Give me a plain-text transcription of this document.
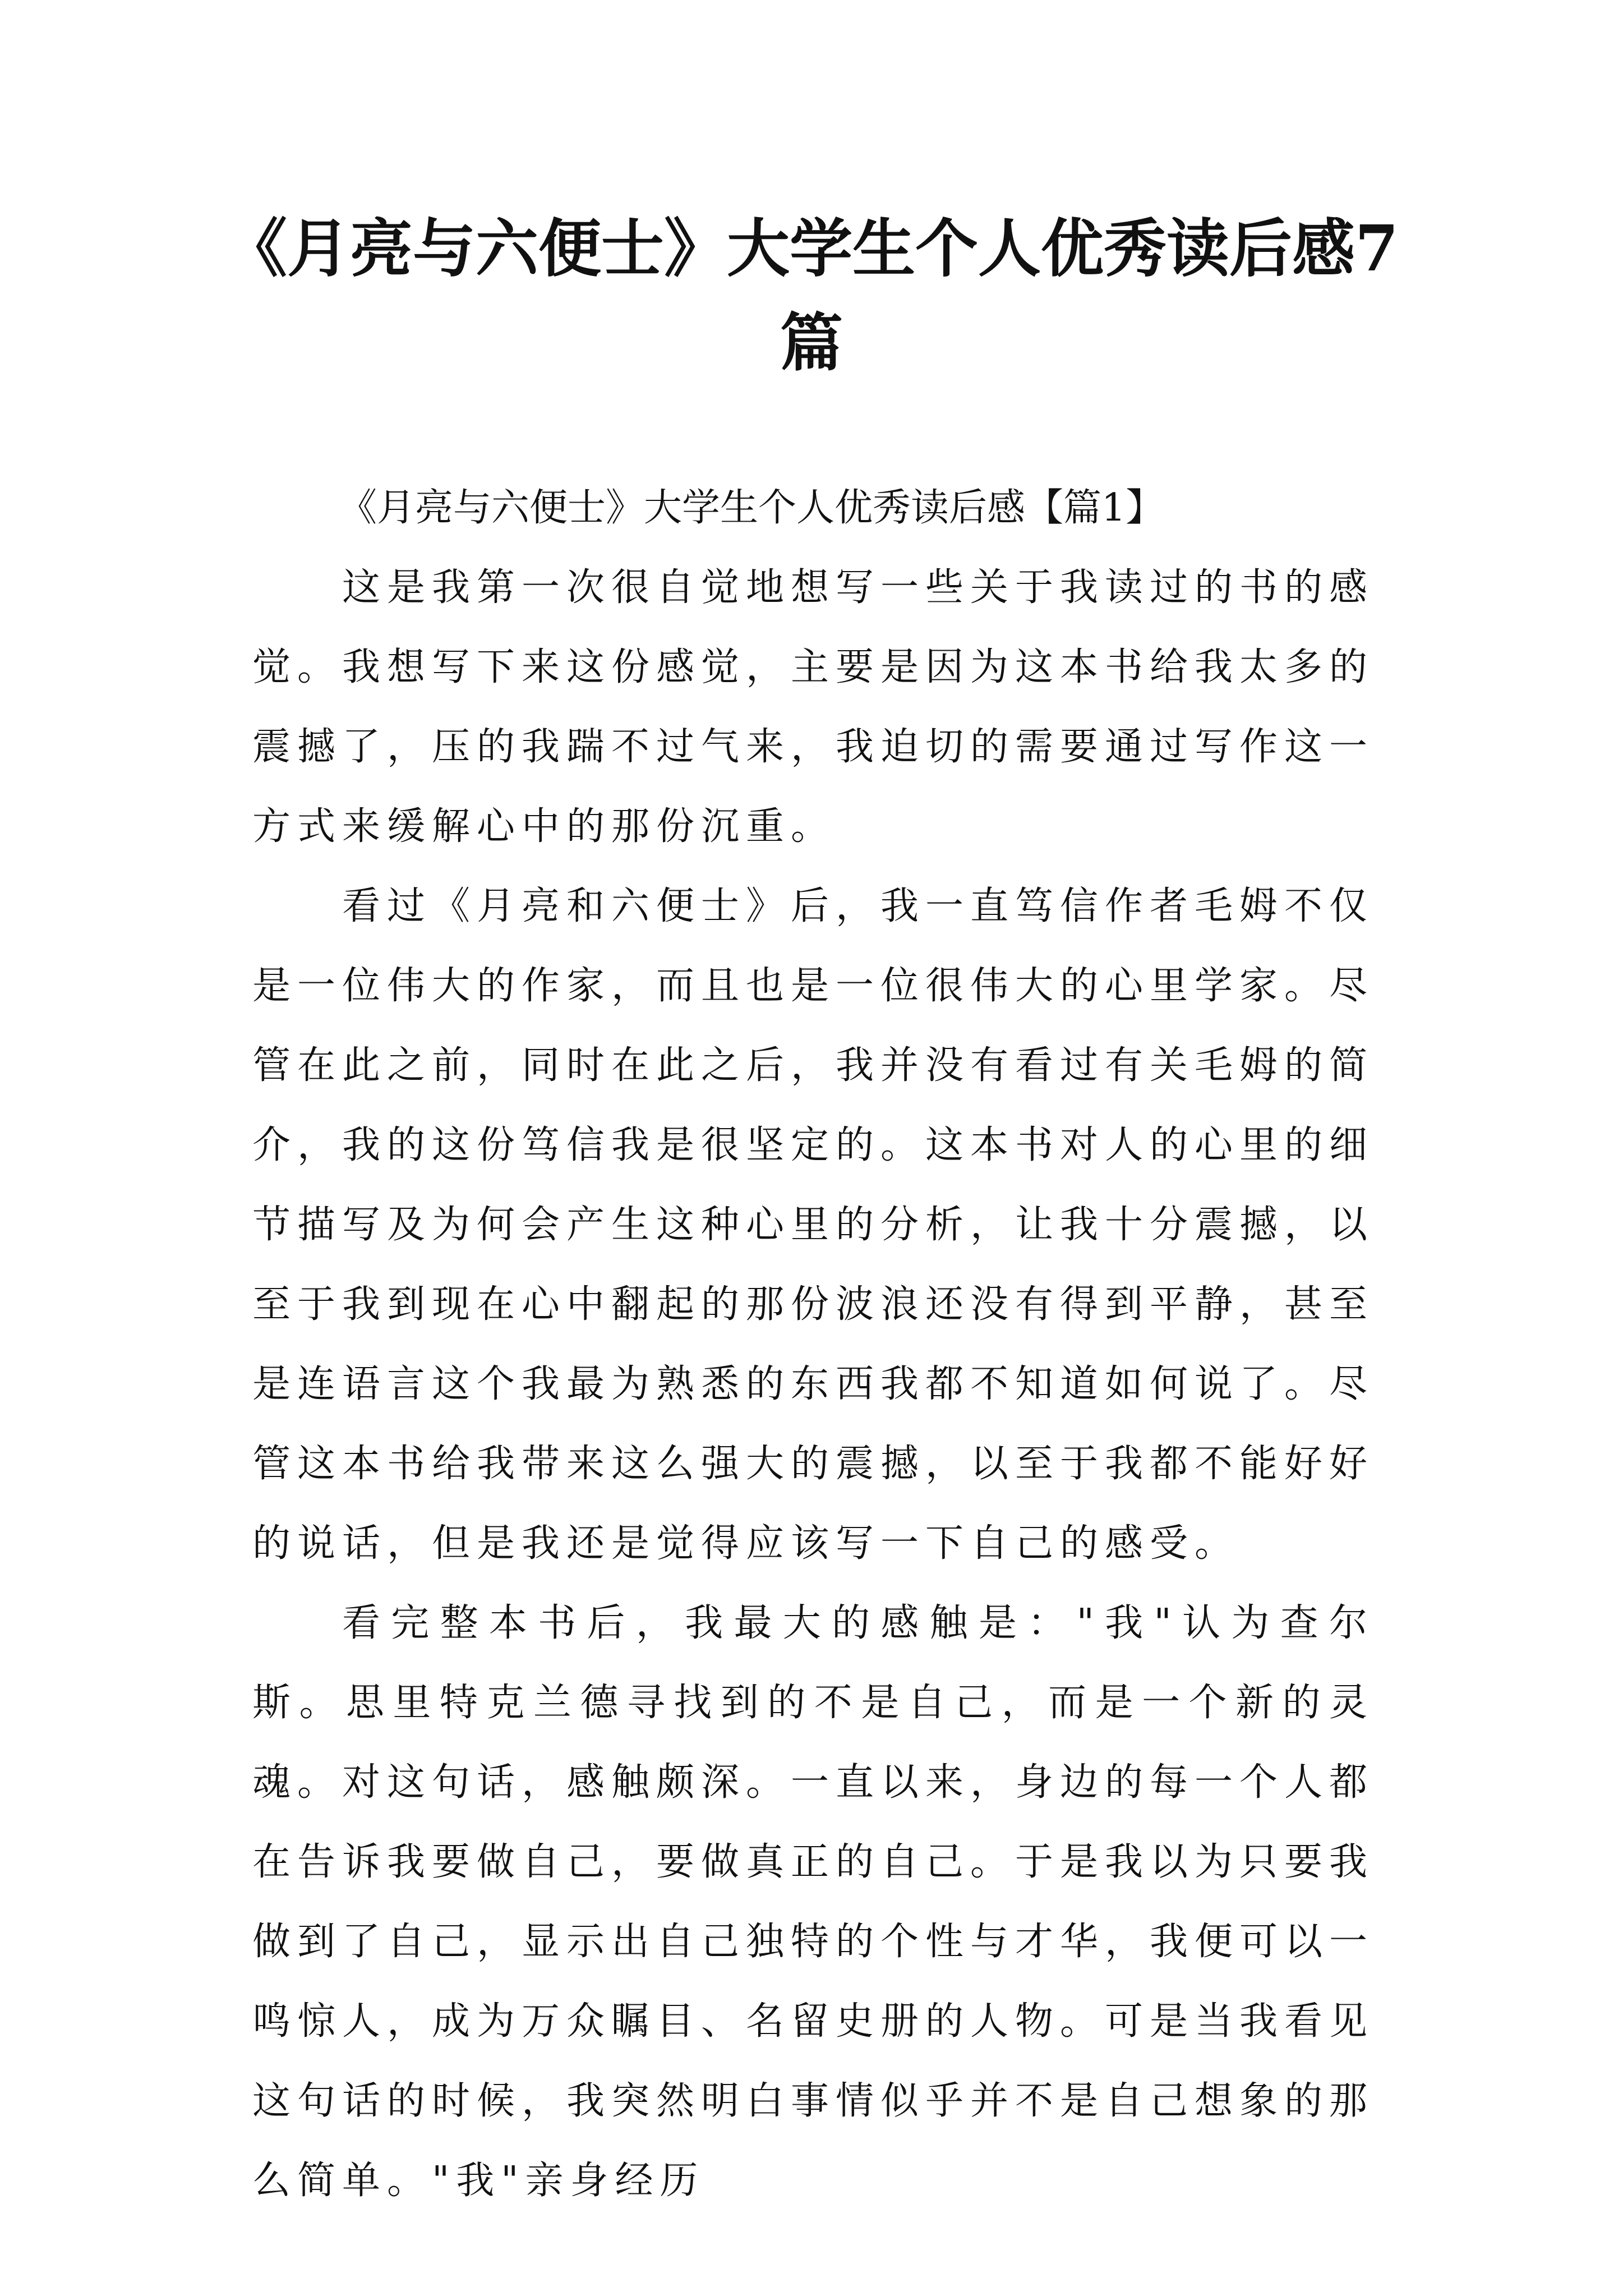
《月亮与六便士》大学生个人优秀读后感7篇

《月亮与六便士》大学生个人优秀读后感【篇1】

这是我第一次很自觉地想写一些关于我读过的书的感觉。我想写下来这份感觉，主要是因为这本书给我太多的震撼了，压的我踹不过气来，我迫切的需要通过写作这一方式来缓解心中的那份沉重。

看过《月亮和六便士》后，我一直笃信作者毛姆不仅是一位伟大的作家，而且也是一位很伟大的心里学家。尽管在此之前，同时在此之后，我并没有看过有关毛姆的简介，我的这份笃信我是很坚定的。这本书对人的心里的细节描写及为何会产生这种心里的分析，让我十分震撼，以至于我到现在心中翻起的那份波浪还没有得到平静，甚至是连语言这个我最为熟悉的东西我都不知道如何说了。尽管这本书给我带来这么强大的震撼，以至于我都不能好好的说话，但是我还是觉得应该写一下自己的感受。

看完整本书后，我最大的感触是："我"认为查尔斯。思里特克兰德寻找到的不是自己，而是一个新的灵魂。对这句话，感触颇深。一直以来，身边的每一个人都在告诉我要做自己，要做真正的自己。于是我以为只要我做到了自己，显示出自己独特的个性与才华，我便可以一鸣惊人，成为万众瞩目、名留史册的人物。可是当我看见这句话的时候，我突然明白事情似乎并不是自己想象的那么简单。"我"亲身经历
